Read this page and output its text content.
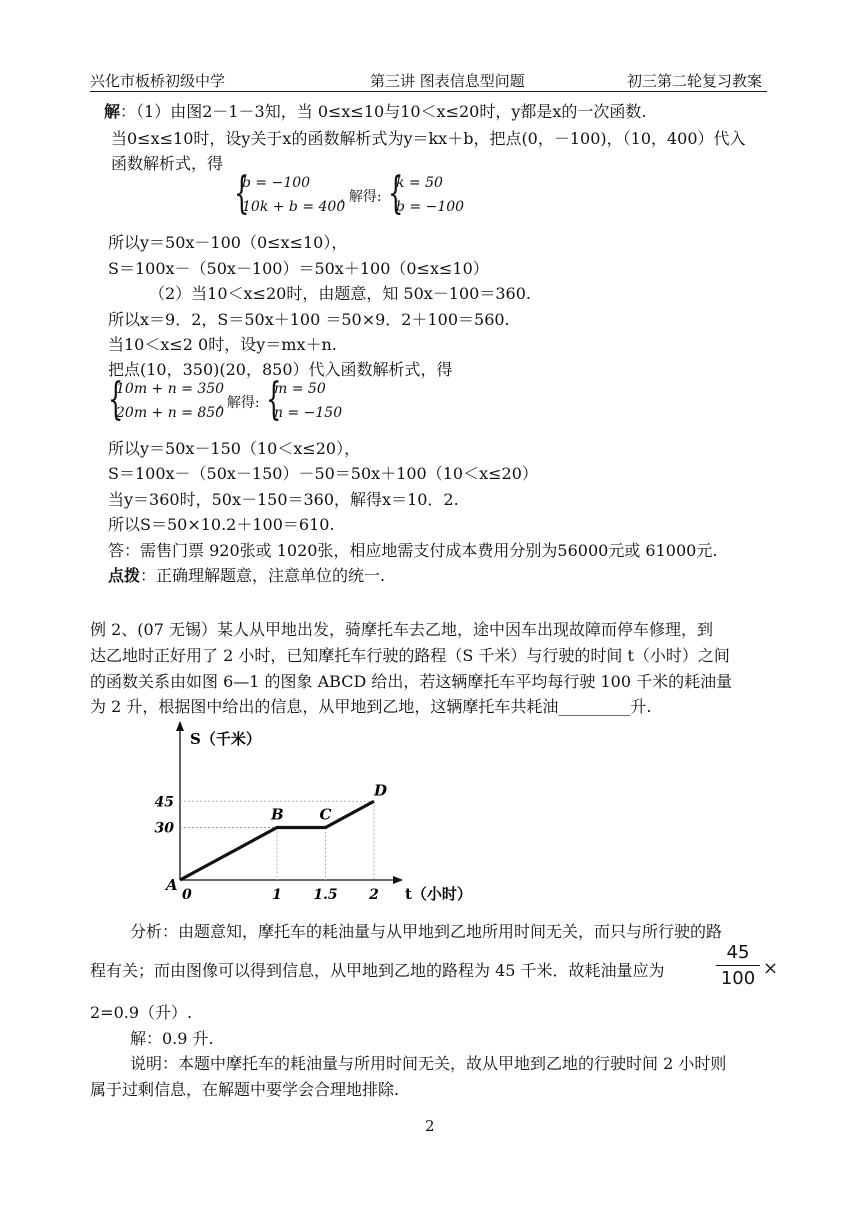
兴化市板桥初级中学	第三讲 图表信息型问题	初三第二轮复习教案
解：（1）由图2－1－3知，当 0≤x≤10与10＜x≤20时，y都是x的一次函数.
当0≤x≤10时，设y关于x的函数解析式为y＝kx＋b，把点(0，－100)，（10，400）代入
函数解析式，得
{
b = −100
10k + b = 400
, 解得: {
k = 50
b = −100
所以y＝50x－100（0≤x≤10），
S＝100x－（50x－100）＝50x＋100（0≤x≤10）
（2）当10＜x≤20时，由题意，知 50x－100＝360.
所以x＝9．2，S＝50x＋100 ＝50×9．2＋100＝560.
当10＜x≤2 0时，设y＝mx＋n.
把点(10，350)(20，850）代入函数解析式，得
{
10m + n = 350
20m + n = 850
, 解得: {
m = 50
n = −150
所以y＝50x－150（10＜x≤20），
S＝100x－（50x－150）－50＝50x＋100（10＜x≤20）
当y＝360时，50x－150＝360，解得x＝10．2.
所以S＝50×10.2＋100＝610.
答：需售门票 920张或 1020张，相应地需支付成本费用分别为56000元或 61000元.
点拨：正确理解题意，注意单位的统一.
例 2、(07 无锡）某人从甲地出发，骑摩托车去乙地，途中因车出现故障而停车修理，到
达乙地时正好用了 2 小时，已知摩托车行驶的路程（S 千米）与行驶的时间 t（小时）之间
的函数关系由如图 6—1 的图象 ABCD 给出，若这辆摩托车平均每行驶 100 千米的耗油量
为 2 升，根据图中给出的信息，从甲地到乙地，这辆摩托车共耗油_________升.
A
B C
D
0	1 1.5 2
30
45
S（千米）
t（小时）
分析：由题意知，摩托车的耗油量与从甲地到乙地所用时间无关，而只与所行驶的路
程有关；而由图像可以得到信息，从甲地到乙地的路程为 45 千米．故耗油量应为
45
100 ×
2=0.9（升）.
解：0.9 升.
说明：本题中摩托车的耗油量与所用时间无关，故从甲地到乙地的行驶时间 2 小时则
属于过剩信息，在解题中要学会合理地排除.
2
